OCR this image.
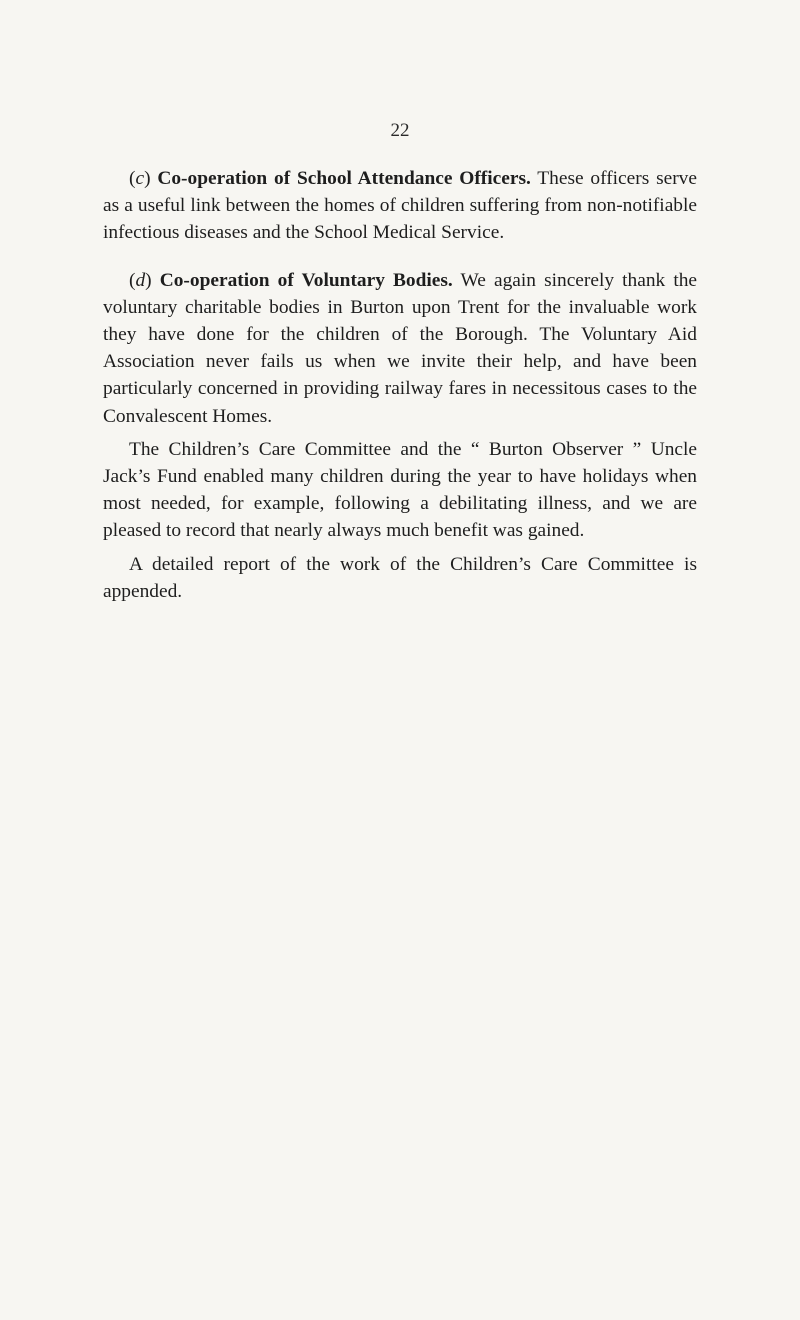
22

(c) Co-operation of School Attendance Officers. These officers serve as a useful link between the homes of children suffering from non-notifiable infectious diseases and the School Medical Service.

(d) Co-operation of Voluntary Bodies. We again sincerely thank the voluntary charitable bodies in Burton upon Trent for the invaluable work they have done for the children of the Borough. The Voluntary Aid Association never fails us when we invite their help, and have been particularly concerned in providing railway fares in necessitous cases to the Convalescent Homes.

The Children’s Care Committee and the “ Burton Observer ” Uncle Jack’s Fund enabled many children during the year to have holidays when most needed, for example, following a debilitating illness, and we are pleased to record that nearly always much benefit was gained.

A detailed report of the work of the Children’s Care Committee is appended.
